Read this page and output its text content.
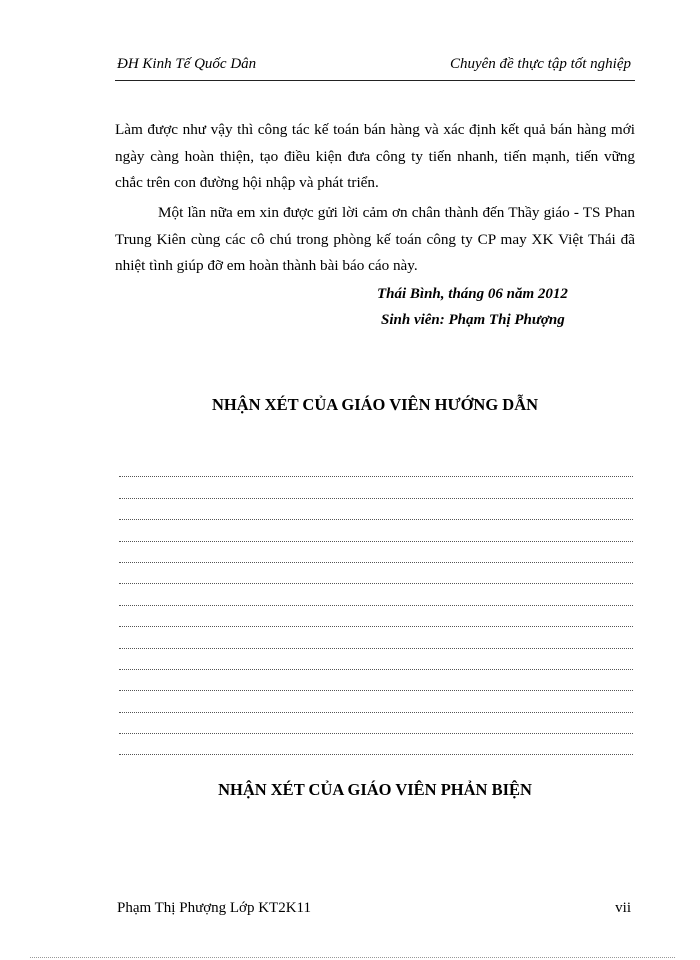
ĐH Kinh Tế Quốc Dân	Chuyên đề thực tập tốt nghiệp
Làm được như vậy thì công tác kế toán bán hàng và xác định kết quả bán hàng mới ngày càng hoàn thiện, tạo điều kiện đưa công ty tiến nhanh, tiến mạnh, tiến vững chắc trên con đường hội nhập và phát triển.
Một lần nữa em xin được gửi lời cảm ơn chân thành đến Thầy giáo - TS Phan Trung Kiên cùng các cô chú trong phòng kế toán công ty CP may XK Việt Thái đã nhiệt tình giúp đỡ em hoàn thành bài báo cáo này.
Thái Bình, tháng 06 năm 2012
Sinh viên: Phạm Thị Phượng
NHẬN XÉT CỦA GIÁO VIÊN HƯỚNG DẪN
NHẬN XÉT CỦA GIÁO VIÊN PHẢN BIỆN
Phạm Thị Phượng Lớp KT2K11	vii
